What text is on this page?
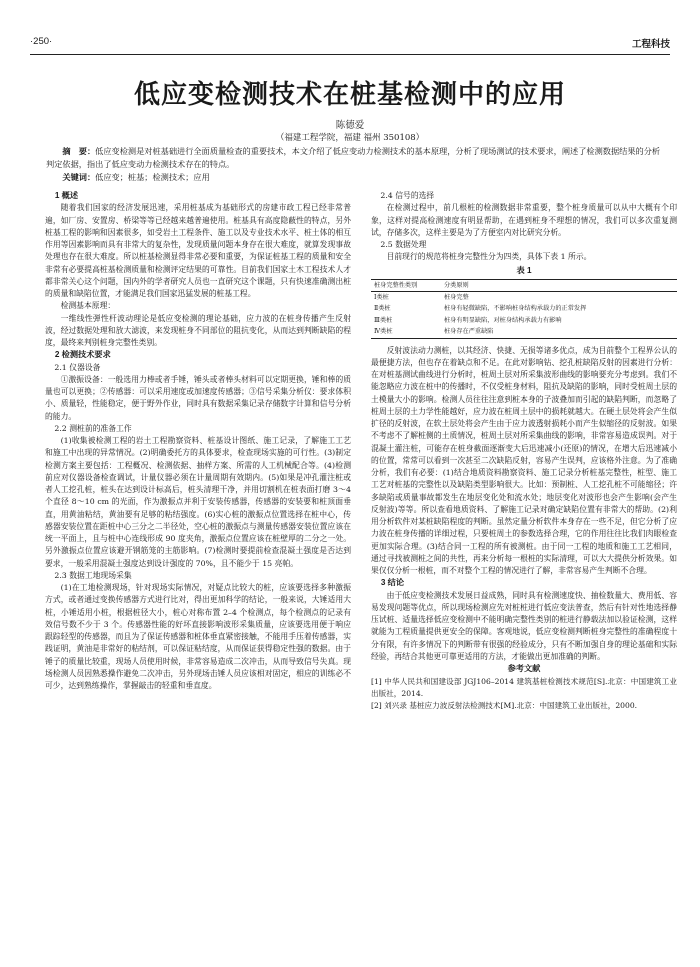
·250·	工程科技
低应变检测技术在桩基检测中的应用
陈德爱
（福建工程学院，福建 福州 350108）
摘　要：低应变检测是对桩基础进行全面质量检查的重要技术，本文介绍了低应变动力检测技术的基本原理，分析了现场测试的技术要求，阐述了检测数据结果的分析判定依据，指出了低应变动力检测技术存在的特点。
关键词：低应变；桩基；检测技术；应用
1 概述

随着我们国家的经济发展迅速，采用桩基成为基础形式的房建市政工程已经非常普遍，如厂房、安置房、桥梁等等已经越来越普遍使用。桩基具有高度隐蔽性的特点，另外桩基工程的影响和因素很多，如受岩土工程条件、施工以及专业技术水平、桩土体的相互作用等因素影响而具有非常大的复杂性，发现质量问题本身存在很大难度，就算发现事故处理也存在很大难度。所以桩基检测显得非常必要和重要，为保证桩基工程的质量和安全非常有必要提高桩基检测质量和检测评定结果的可靠性。目前我们国家土木工程技术人才都非常关心这个问题，国内外的学者研究人员也一直研究这个课题，只有快速准确测出桩的质量和缺陷位置，才能满足我们国家迅猛发展的桩基工程。

检测基本原理：

一维线性弹性杆波动理论是低应变检测的理论基础，应力波的在桩身传播产生反射波，经过数据处理和放大滤波，来发现桩身不同部位的阻抗变化，从而达到判断缺陷的程度，最终来判别桩身完整性类别。

2 检测技术要求
2.1 仪器设备

①激振设备：一般选用力棒或者手锤，锤头或者棒头材料可以定期更换，锤和棒的质量也可以更换；②传感器：可以采用速度或加速度传感器；③信号采集分析仪：要求体积小、质量轻，性能稳定，便于野外作业，同时具有数据采集记录存储数字计算和信号分析的能力。

2.2 测桩前的准备工作

(1)收集被检测工程的岩土工程勘察资料、桩基设计图纸、施工记录，了解施工工艺和施工中出现的异常情况。(2)明确委托方的具体要求，检查现场实施的可行性。(3)制定检测方案主要包括：工程概况、检测依据、抽样方案、所需的人工机械配合等。(4)检测前应对仪器设备检查调试，计量仪器必须在计量周期有效期内。(5)如果是冲孔灌注桩或者人工挖孔桩，桩头在达到设计标高后，桩头清理干净，并用切割机在桩表面打磨 3～4 个直径 8～10 cm 的光面，作为激振点并利于安装传感器，传感器的安装要和桩顶面垂直，用黄油粘结，黄油要有足够的粘结强度。(6)实心桩的激振点位置选择在桩中心，传感器安装位置在距桩中心三分之二半径处，空心桩的激振点与测量传感器安装位置应该在统一平面上，且与桩中心连线形成 90 度夹角，激振点位置应该在桩壁厚的二分之一处。另外激振点位置应该避开钢筋笼的主筋影响。(7)检测时要提前检查混凝土强度是否达到要求，一般采用混凝土强度达到设计强度的 70%，且不能少于 15 亮帕。

2.3 数据工地现场采集

(1)在工地检测现场，针对现场实际情况，对疑点比较大的桩，应该要选择多种激振方式，或者通过变换传感器方式进行比对，得出更加科学的结论，一般来说，大锤适用大桩，小锤适用小桩，根据桩径大小，桩心对称布置 2–4 个检测点，每个检测点的记录有效信号数不少于 3 个。传感器性能的好坏直接影响波形采集质量，应该要选用便于响应跟踪轻型的传感器，而且为了保证传感器和桩体垂直紧密接触，不能用手压着传感器，实践证明，黄油是非常好的粘结剂，可以保证粘结度，从而保证获得稳定性强的数据。由于锤子的质量比较重，现场人员使用时候，非常容易造成二次冲击，从而导致信号失真。现场检测人员因熟悉操作避免二次冲击，另外现场击锤人员应该相对固定，相应的训练必不可少，达到熟练操作，掌握敲击的轻重和垂直度。

2.4 信号的选择

在检测过程中，前几根桩的检测数据非常重要，整个桩身质量可以从中大概有个印象，这样对提高检测速度有明显帮助，在遇到桩身不理想的情况，我们可以多次重复测试，存储多次，这样主要是为了方便室内对比研究分析。

2.5 数据处理

目前现行的规范将桩身完整性分为四类，具体下表 1 所示。

表 1
桩身完整性类别	分类原则
Ⅰ类桩	桩身完整
Ⅱ类桩	桩身有轻微缺陷，不影响桩身结构承载力的正常发挥
Ⅲ类桩	桩身有明显缺陷，对桩身结构承载力有影响
Ⅳ类桩	桩身存在严重缺陷

反射波法动力测桩，以其经济、快捷、无损等诸多优点，成为目前整个工程界公认的最便捷方法，但也存在着缺点和不足。在此对影响钻、挖孔桩缺陷反射的因素进行分析：在对桩基测试曲线进行分析时，桩周土层对所采集波形曲线的影响要充分考虑到。我们不能忽略应力波在桩中的传播时，不仅受桩身材料，阻抗及缺陷的影响，同时受桩周土层的土模量大小的影响。检测人员往往注意到桩本身的子波叠加而引起的缺陷判断，而忽略了桩周土层的土力学性能越好，应力波在桩周土层中的损耗就越大。在硬土层处将会产生似扩径的反射波，在软土层处将会产生由于应力波透射损耗小而产生似缩径的反射波。如果不考虑不了解桩侧的土质情况，桩周土层对所采集曲线的影响，非常容易造成误判。对于混凝土灌注桩，可能存在桩身截面逐渐变大后迅速减小(还原)的情况，在增大后迅速减小的位置，常常可以看到一次甚至二次缺陷反射，容易产生误判，应该格外注意。为了准确分析，我们有必要：(1)结合地质资料勘察资料、施工记录分析桩基完整性，桩型、施工工艺对桩基的完整性以及缺陷类型影响很大。比如：预制桩、人工挖孔桩不可能缩径；许多缺陷或质量事故都发生在地层变化处和流水处；地层变化对波形也会产生影响(会产生反射波)等等。所以查看地质资料、了解施工记录对确定缺陷位置有非常大的帮助。(2)利用分析软件对某桩缺陷程度的判断。虽然定量分析软件本身存在一些不足，但它分析了应力波在桩身传播的详细过程，只要桩周土的参数选择合理，它的作用往往比我们肉眼检查更加实际合理。(3)结合同一工程的所有被测桩。由于同一工程的地质和施工工艺相同，通过寻找被测桩之间的共性，再来分析每一根桩的实际清理，可以大大提供分析效果。如果仅仅分析一根桩，而不对整个工程的情况进行了解，非常容易产生判断不合理。

3 结论

由于低应变检测技术发展日益成熟，同时具有检测速度快、抽检数量大、费用低、容易发现问题等优点，所以现场检测应先对桩桩进行低应变法普查，然后有针对性地选择静压试桩、适量选择低应变检测中不能明确完整性类别的桩进行静载法加以验证检测，这样就能为工程质量提供更安全的保障。客观地说，低应变检测判断桩身完整性的准确程度十分有限，有许多情况下的判断带有很强的经验成分，只有不断加强自身的理论基础和实际经验，再结合其他更可靠更适用的方法，才能做出更加准确的判断。

参考文献

[1] 中华人民共和国建设部 JGJ106–2014 建筑基桩检测技术规范[S].北京：中国建筑工业出版社，2014.

[2] 刘兴录 基桩应力波反射法检测技术[M].北京：中国建筑工业出版社，2000.
